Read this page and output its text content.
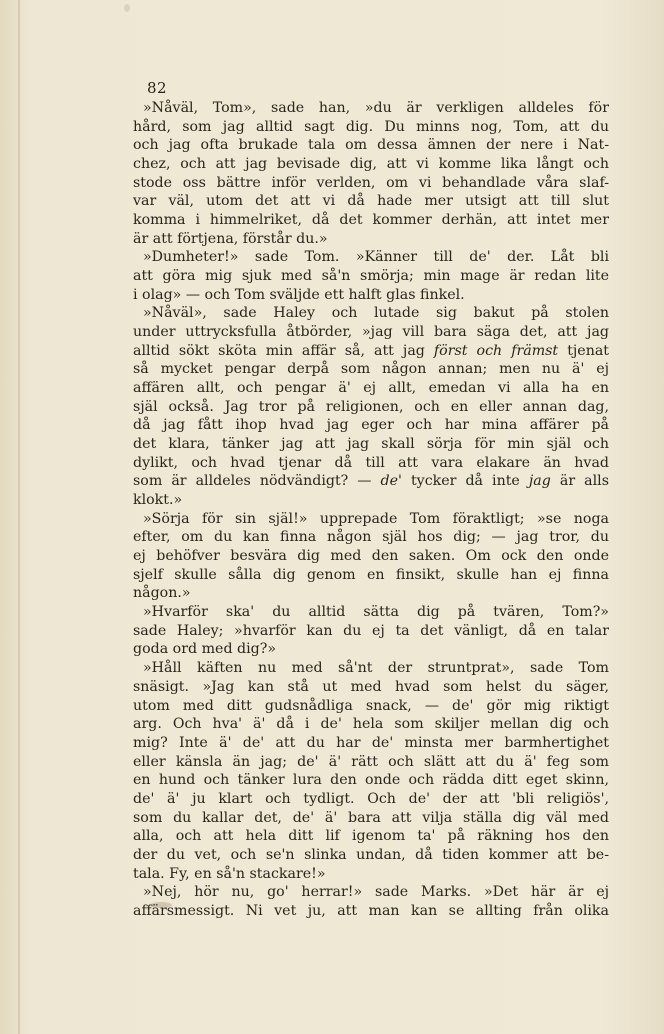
82
»Nåväl, Tom», sade han, »du är verkligen alldeles för
hård, som jag alltid sagt dig. Du minns nog, Tom, att du
och jag ofta brukade tala om dessa ämnen der nere i Nat-
chez, och att jag bevisade dig, att vi komme lika långt och
stode oss bättre inför verlden, om vi behandlade våra slaf-
var väl, utom det att vi då hade mer utsigt att till slut
komma i himmelriket, då det kommer derhän, att intet mer
är att förtjena, förstår du.»
»Dumheter!» sade Tom. »Känner till de' der. Låt bli
att göra mig sjuk med så'n smörja; min mage är redan lite
i olag» — och Tom sväljde ett halft glas finkel.
»Nåväl», sade Haley och lutade sig bakut på stolen
under uttrycksfulla åtbörder, »jag vill bara säga det, att jag
alltid sökt sköta min affär så, att jag först och främst tjenat
så mycket pengar derpå som någon annan; men nu ä' ej
affären allt, och pengar ä' ej allt, emedan vi alla ha en
själ också. Jag tror på religionen, och en eller annan dag,
då jag fått ihop hvad jag eger och har mina affärer på
det klara, tänker jag att jag skall sörja för min själ och
dylikt, och hvad tjenar då till att vara elakare än hvad
som är alldeles nödvändigt? — de' tycker då inte jag är alls
klokt.»
»Sörja för sin själ!» upprepade Tom föraktligt; »se noga
efter, om du kan finna någon själ hos dig; — jag tror, du
ej behöfver besvära dig med den saken. Om ock den onde
sjelf skulle sålla dig genom en finsikt, skulle han ej finna
någon.»
»Hvarför ska' du alltid sätta dig på tvären, Tom?»
sade Haley; »hvarför kan du ej ta det vänligt, då en talar
goda ord med dig?»
»Håll käften nu med så'nt der struntprat», sade Tom
snäsigt. »Jag kan stå ut med hvad som helst du säger,
utom med ditt gudsnådliga snack, — de' gör mig riktigt
arg. Och hva' ä' då i de' hela som skiljer mellan dig och
mig? Inte ä' de' att du har de' minsta mer barmhertighet
eller känsla än jag; de' ä' rätt och slätt att du ä' feg som
en hund och tänker lura den onde och rädda ditt eget skinn,
de' ä' ju klart och tydligt. Och de' der att 'bli religiös',
som du kallar det, de' ä' bara att vilja ställa dig väl med
alla, och att hela ditt lif igenom ta' på räkning hos den
der du vet, och se'n slinka undan, då tiden kommer att be-
tala. Fy, en så'n stackare!»
»Nej, hör nu, go' herrar!» sade Marks. »Det här är ej
affärsmessigt. Ni vet ju, att man kan se allting från olika
